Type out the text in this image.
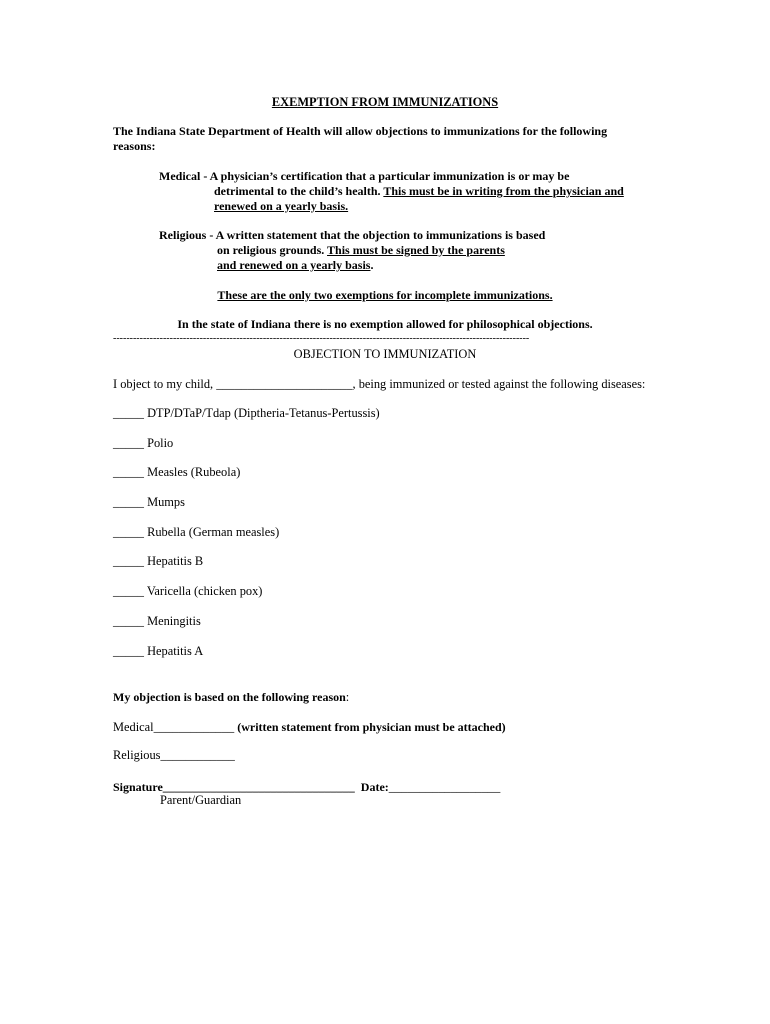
EXEMPTION FROM IMMUNIZATIONS
The Indiana State Department of Health will allow objections to immunizations for the following
reasons:
Medical - A physician’s certification that a particular immunization is or may be
detrimental to the child’s health. This must be in writing from the physician and
renewed on a yearly basis.
Religious - A written statement that the objection to immunizations is based
on religious grounds. This must be signed by the parents
and renewed on a yearly basis.
These are the only two exemptions for incomplete immunizations.
In the state of Indiana there is no exemption allowed for philosophical objections.
-----------------------------------------------------------------------------------------------------------------------------
OBJECTION TO IMMUNIZATION
I object to my child, ______________________, being immunized or tested against the following diseases:
_____ DTP/DTaP/Tdap (Diptheria-Tetanus-Pertussis)
_____ Polio
_____ Measles (Rubeola)
_____ Mumps
_____ Rubella (German measles)
_____ Hepatitis B
_____ Varicella (chicken pox)
_____ Meningitis
_____ Hepatitis A
My objection is based on the following reason:
Medical_____________ (written statement from physician must be attached)
Religious____________
Signature________________________________ Date:__________________
Parent/Guardian
